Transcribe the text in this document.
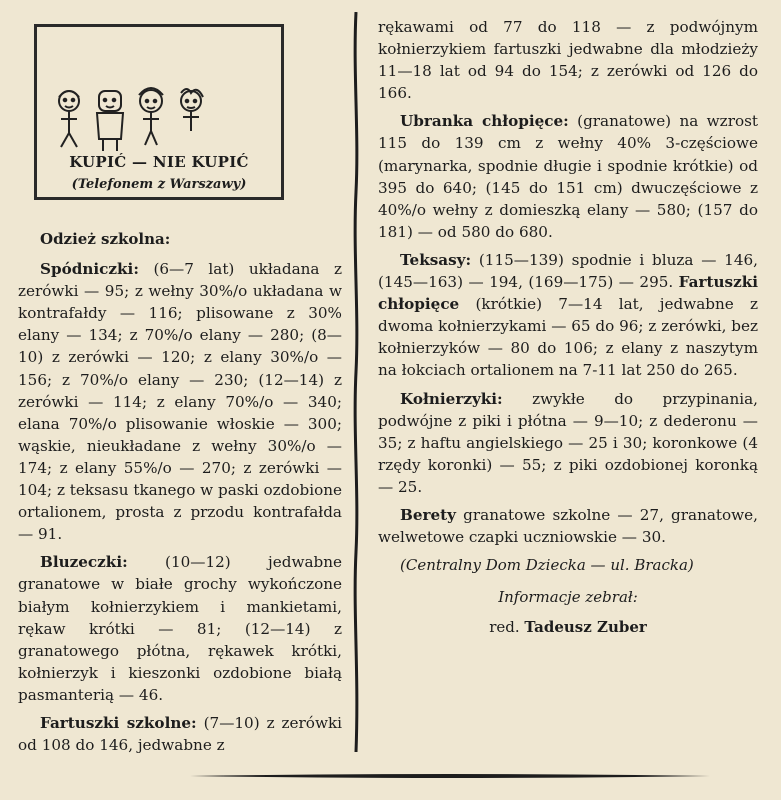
KUPIĆ — NIE KUPIĆ
(Telefonem z Warszawy)
Odzież szkolna:

Spódniczki: (6—7 lat) układana z zerówki — 95; z wełny 30%/o układana w kontrafałdy — 116; plisowane z 30% elany — 134; z 70%/o elany — 280; (8—10) z zerówki — 120; z elany 30%/o — 156; z 70%/o elany — 230; (12—14) z zerówki — 114; z elany 70%/o — 340; elana 70%/o plisowanie włoskie — 300; wąskie, nieukładane z wełny 30%/o — 174; z elany 55%/o — 270; z zerówki — 104; z teksasu tkanego w paski ozdobione ortalionem, prosta z przodu kontrafałda — 91.

Bluzeczki: (10—12) jedwabne granatowe w białe grochy wykończone białym kołnierzykiem i mankietami, rękaw krótki — 81; (12—14) z granatowego płótna, rękawek krótki, kołnierzyk i kieszonki ozdobione białą pasmanterią — 46.

Fartuszki szkolne: (7—10) z zerówki od 108 do 146, jedwabne z

rękawami od 77 do 118 — z podwójnym kołnierzykiem fartuszki jedwabne dla młodzieży 11—18 lat od 94 do 154; z zerówki od 126 do 166.

Ubranka chłopięce: (granatowe) na wzrost 115 do 139 cm z wełny 40% 3-częściowe (marynarka, spodnie długie i spodnie krótkie) od 395 do 640; (145 do 151 cm) dwuczęściowe z 40%/o wełny z domieszką elany — 580; (157 do 181) — od 580 do 680.

Teksasy: (115—139) spodnie i bluza — 146, (145—163) — 194, (169—175) — 295. Fartuszki chłopięce (krótkie) 7—14 lat, jedwabne z dwoma kołnierzykami — 65 do 96; z zerówki, bez kołnierzyków — 80 do 106; z elany z naszytym na łokciach ortalionem na 7-11 lat 250 do 265.

Kołnierzyki: zwykłe do przypinania, podwójne z piki i płótna — 9—10; z dederonu — 35; z haftu angielskiego — 25 i 30; koronkowe (4 rzędy koronki) — 55; z piki ozdobionej koronką — 25.

Berety granatowe szkolne — 27, granatowe, welwetowe czapki uczniowskie — 30.

(Centralny Dom Dziecka — ul. Bracka)
Informacje zebrał:
red. Tadeusz Zuber
